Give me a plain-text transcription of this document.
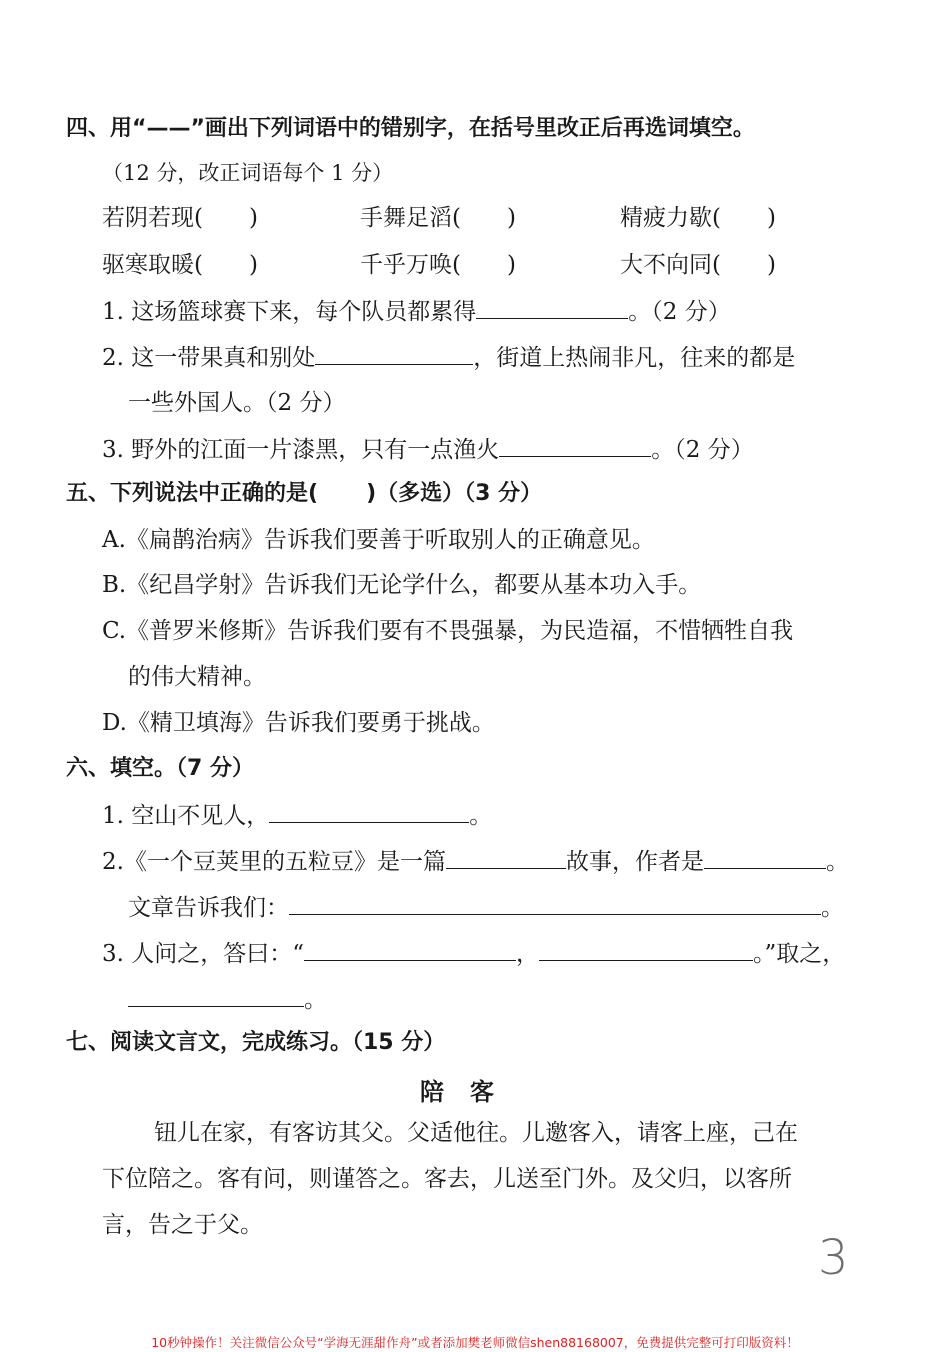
四、用“——”画出下列词语中的错别字，在括号里改正后再选词填空。
（12 分，改正词语每个 1 分）
若阴若现(　　)	手舞足滔(　　)	精疲力歇(　　)
驱寒取暖(　　)	千乎万唤(　　)	大不向同(　　)
1. 这场篮球赛下来，每个队员都累得	。（2 分）
2. 这一带果真和别处	，街道上热闹非凡，往来的都是
一些外国人。（2 分）
3. 野外的江面一片漆黑，只有一点渔火	。（2 分）
五、下列说法中正确的是( )（多选）（3 分）
A.《扁鹊治病》告诉我们要善于听取别人的正确意见。
B.《纪昌学射》告诉我们无论学什么，都要从基本功入手。
C.《普罗米修斯》告诉我们要有不畏强暴，为民造福，不惜牺牲自我
的伟大精神。
D.《精卫填海》告诉我们要勇于挑战。
六、填空。（7 分）
1. 空山不见人，	。
2.《一个豆荚里的五粒豆》是一篇	故事，作者是	。
文章告诉我们：	。
3. 人问之，答曰：“	，	。”取之，
。
七、阅读文言文，完成练习。（15 分）
陪客
钮儿在家，有客访其父。父适他往。儿邀客入，请客上座，己在
下位陪之。客有问，则谨答之。客去，儿送至门外。及父归，以客所
言，告之于父。
3
10秒钟操作！关注微信公众号“学海无涯甜作舟”或者添加樊老师微信shen88168007，免费提供完整可打印版资料！
